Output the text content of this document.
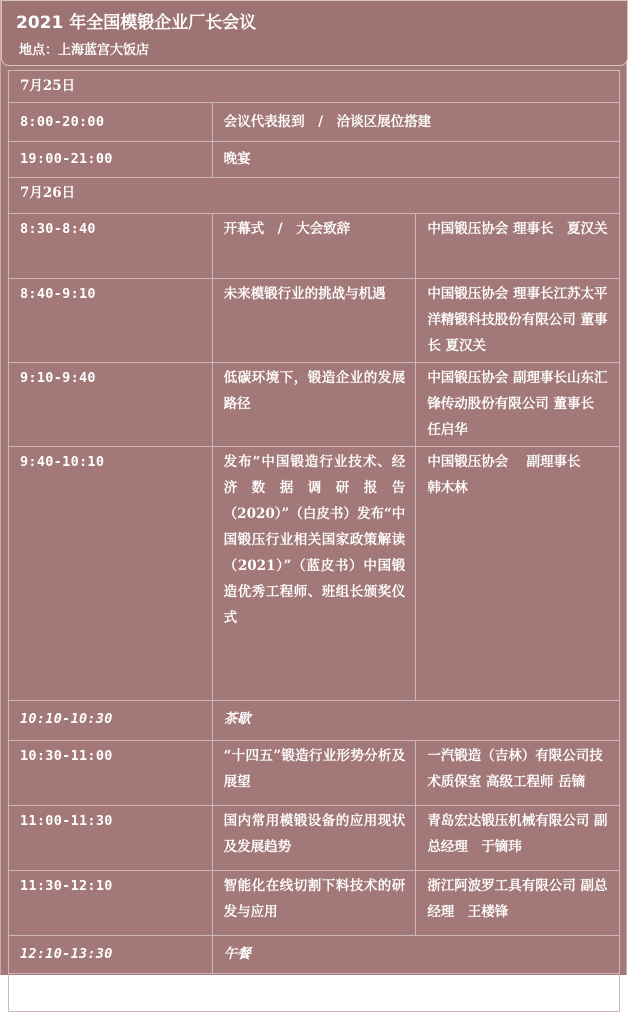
2021 年全国模锻企业厂长会议
地点：上海蓝宫大饭店
7月25日		
8:00-20:00	会议代表报到　/　洽谈区展位搭建	
19:00-21:00	晚宴	
7月26日		
8:30-8:40	开幕式　/　大会致辞	中国锻压协会 理事长　夏汉关
8:40-9:10	未来模锻行业的挑战与机遇	中国锻压协会 理事长江苏太平洋精锻科技股份有限公司 董事长 夏汉关
9:10-9:40	低碳环境下，锻造企业的发展路径	中国锻压协会 副理事长山东汇锋传动股份有限公司 董事长 任启华
9:40-10:10	发布“中国锻造行业技术、经济数据调研报告（2020）”（白皮书）发布“中国锻压行业相关国家政策解读（2021）”（蓝皮书）中国锻造优秀工程师、班组长颁奖仪式	中国锻压协会　 副理事长　 韩木林
10:10-10:30	茶歇	
10:30-11:00	“十四五”锻造行业形势分析及展望	一汽锻造（吉林）有限公司技术质保室 高级工程师 岳镝
11:00-11:30	国内常用模锻设备的应用现状及发展趋势	青岛宏达锻压机械有限公司 副总经理　于镝玮
11:30-12:10	智能化在线切割下料技术的研发与应用	浙江阿波罗工具有限公司 副总经理　王楼锋
12:10-13:30	午餐	
分论坛一		
